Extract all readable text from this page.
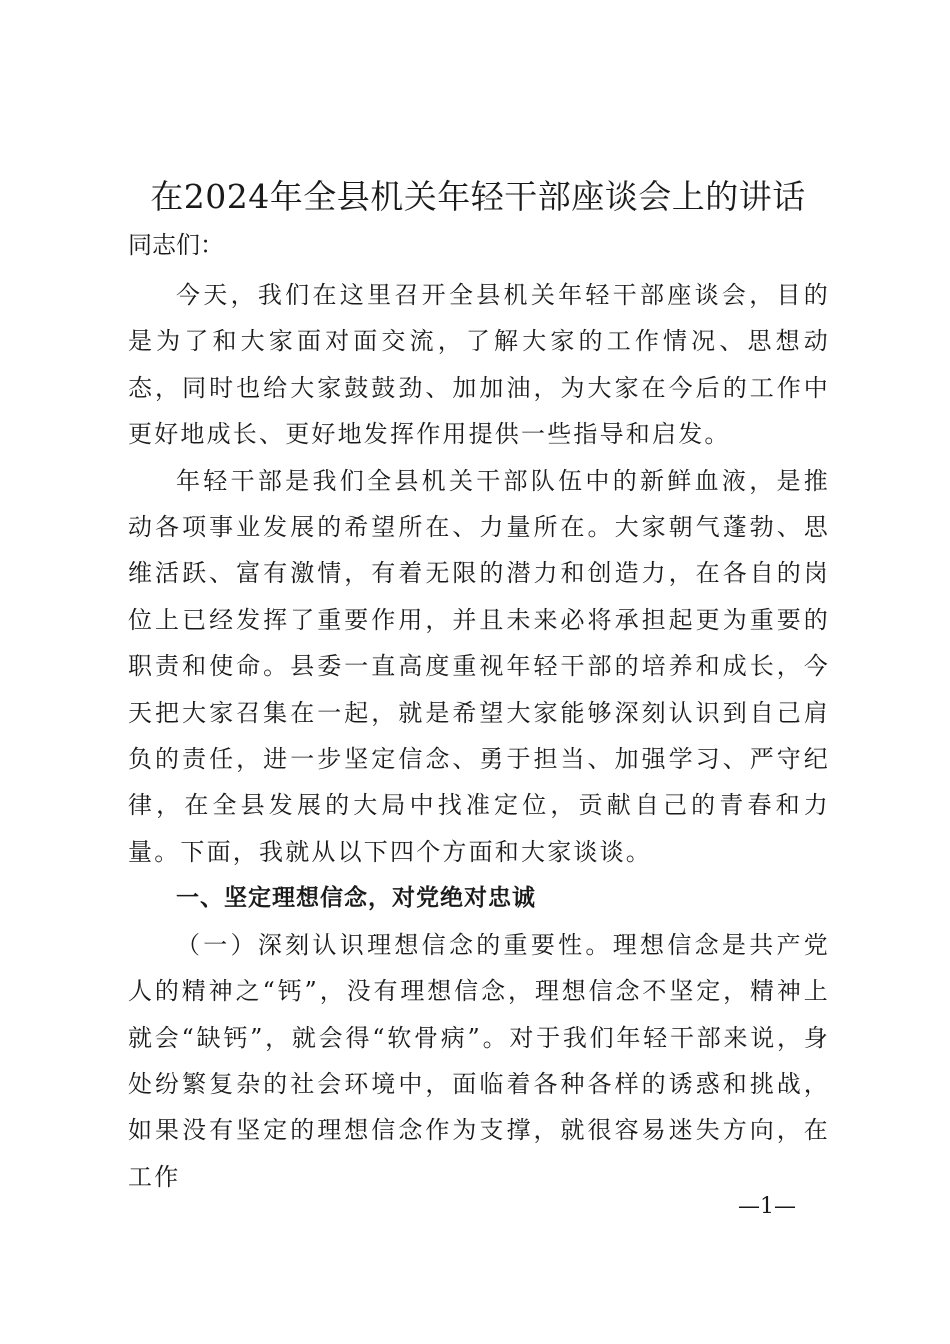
在2024年全县机关年轻干部座谈会上的讲话

同志们：

今天，我们在这里召开全县机关年轻干部座谈会，目的是为了和大家面对面交流，了解大家的工作情况、思想动态，同时也给大家鼓鼓劲、加加油，为大家在今后的工作中更好地成长、更好地发挥作用提供一些指导和启发。

年轻干部是我们全县机关干部队伍中的新鲜血液，是推动各项事业发展的希望所在、力量所在。大家朝气蓬勃、思维活跃、富有激情，有着无限的潜力和创造力，在各自的岗位上已经发挥了重要作用，并且未来必将承担起更为重要的职责和使命。县委一直高度重视年轻干部的培养和成长，今天把大家召集在一起，就是希望大家能够深刻认识到自己肩负的责任，进一步坚定信念、勇于担当、加强学习、严守纪律，在全县发展的大局中找准定位，贡献自己的青春和力量。下面，我就从以下四个方面和大家谈谈。

一、坚定理想信念，对党绝对忠诚

（一）深刻认识理想信念的重要性。理想信念是共产党人的精神之“钙”，没有理想信念，理想信念不坚定，精神上就会“缺钙”，就会得“软骨病”。对于我们年轻干部来说，身处纷繁复杂的社会环境中，面临着各种各样的诱惑和挑战，如果没有坚定的理想信念作为支撑，就很容易迷失方向，在工作

—1—
